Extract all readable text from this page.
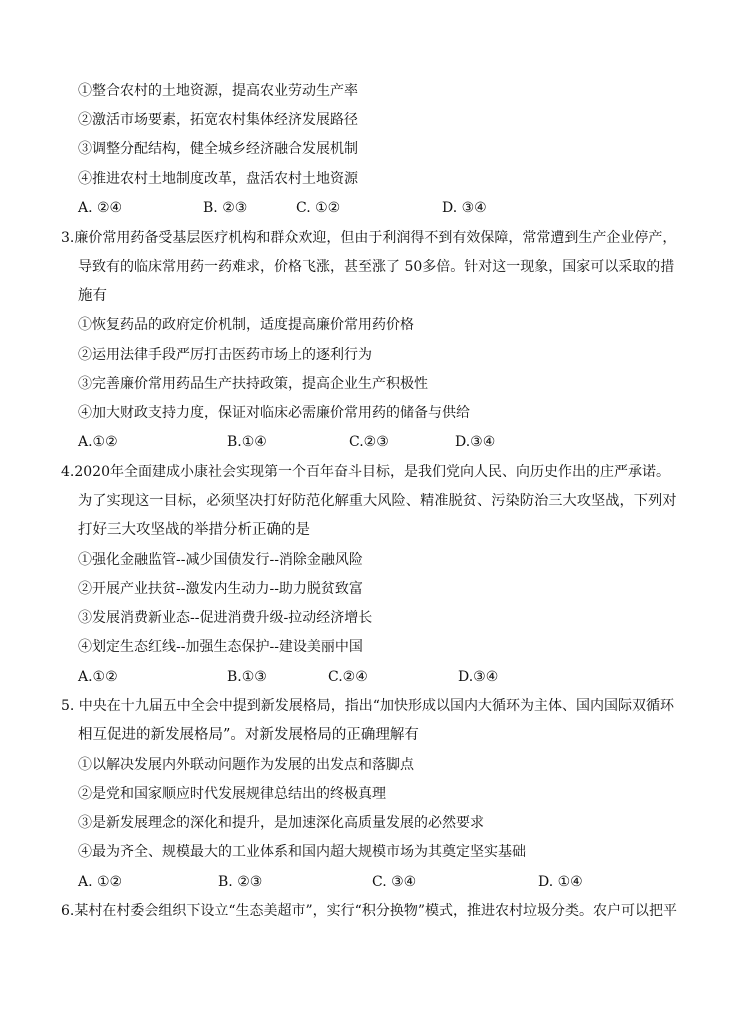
①整合农村的土地资源，提高农业劳动生产率
②激活市场要素，拓宽农村集体经济发展路径
③调整分配结构，健全城乡经济融合发展机制
④推进农村土地制度改革，盘活农村土地资源
A. ②④	B. ②③	C. ①②	D. ③④
3.廉价常用药备受基层医疗机构和群众欢迎，但由于利润得不到有效保障，常常遭到生产企业停产，
导致有的临床常用药一药难求，价格飞涨，甚至涨了 50多倍。针对这一现象，国家可以采取的措
施有
①恢复药品的政府定价机制，适度提高廉价常用药价格
②运用法律手段严厉打击医药市场上的逐利行为
③完善廉价常用药品生产扶持政策，提高企业生产积极性
④加大财政支持力度，保证对临床必需廉价常用药的储备与供给
A.①②	B.①④	C.②③	D.③④
4.2020年全面建成小康社会实现第一个百年奋斗目标，是我们党向人民、向历史作出的庄严承诺。
为了实现这一目标，必须坚决打好防范化解重大风险、精准脱贫、污染防治三大攻坚战，下列对
打好三大攻坚战的举措分析正确的是
①强化金融监管--减少国债发行--消除金融风险
②开展产业扶贫--激发内生动力--助力脱贫致富
③发展消费新业态--促进消费升级-拉动经济增长
④划定生态红线--加强生态保护--建设美丽中国
A.①②	B.①③	C.②④	D.③④
5. 中央在十九届五中全会中提到新发展格局，指出“加快形成以国内大循环为主体、国内国际双循环
相互促进的新发展格局”。对新发展格局的正确理解有
①以解决发展内外联动问题作为发展的出发点和落脚点
②是党和国家顺应时代发展规律总结出的终极真理
③是新发展理念的深化和提升，是加速深化高质量发展的必然要求
④最为齐全、规模最大的工业体系和国内超大规模市场为其奠定坚实基础
A. ①②	B. ②③	C. ③④	D. ①④
6.某村在村委会组织下设立“生态美超市”，实行“积分换物”模式，推进农村垃圾分类。农户可以把平
